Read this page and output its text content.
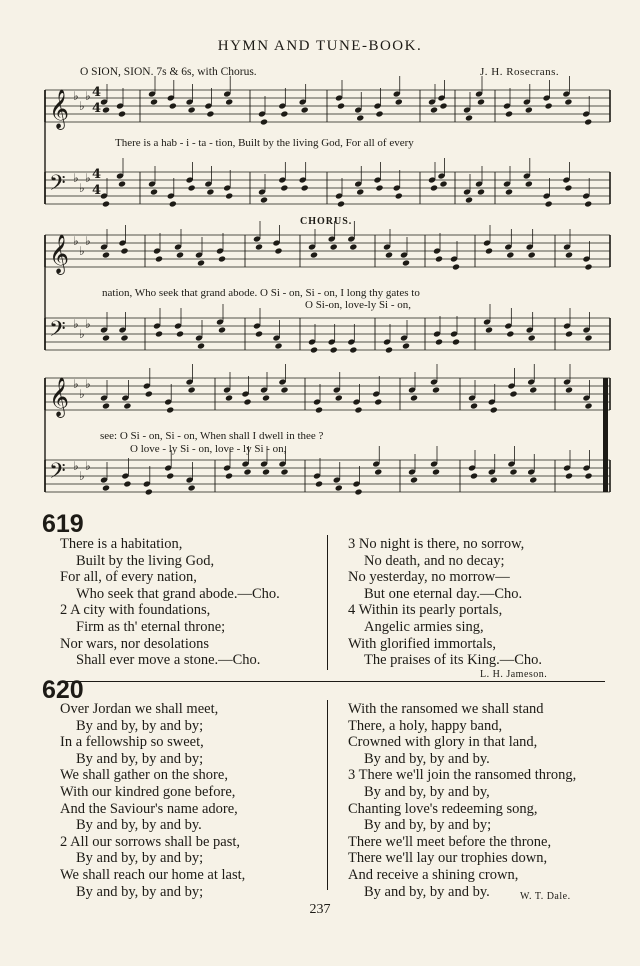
HYMN AND TUNE-BOOK.
O SION, SION. 7s & 6s, with Chorus.	J. H. Rosecrans.
CHORUS.
𝄞 ♭
♭
♭
𝄢 ♭
♭
♭
𝄞 ♭
♭
♭
𝄢 ♭
♭
♭
𝄞 ♭
♭
♭
𝄢 ♭
♭
♭
4
4
4
4
There is a hab - i - ta - tion, Built by the living God, For all of every
nation, Who seek that grand abode. O Si - on, Si - on, I long thy gates to
O Si-on, love-ly Si - on,
see: O Si - on, Si - on, When shall I dwell in thee ?
O love - ly Si - on, love - ly Si - on,
619
There is a habitation,
Built by the living God,
For all, of every nation,
Who seek that grand abode.—Cho.
2 A city with foundations,
Firm as th' eternal throne;
Nor wars, nor desolations
Shall ever move a stone.—Cho.
3 No night is there, no sorrow,
No death, and no decay;
No yesterday, no morrow—
But one eternal day.—Cho.
4 Within its pearly portals,
Angelic armies sing,
With glorified immortals,
The praises of its King.—Cho.
L. H. Jameson.
620
Over Jordan we shall meet,
By and by, by and by;
In a fellowship so sweet,
By and by, by and by;
We shall gather on the shore,
With our kindred gone before,
And the Saviour's name adore,
By and by, by and by.
2 All our sorrows shall be past,
By and by, by and by;
We shall reach our home at last,
By and by, by and by;
With the ransomed we shall stand
There, a holy, happy band,
Crowned with glory in that land,
By and by, by and by.
3 There we'll join the ransomed throng,
By and by, by and by,
Chanting love's redeeming song,
By and by, by and by;
There we'll meet before the throne,
There we'll lay our trophies down,
And receive a shining crown,
By and by, by and by.	W. T. Dale.
237
